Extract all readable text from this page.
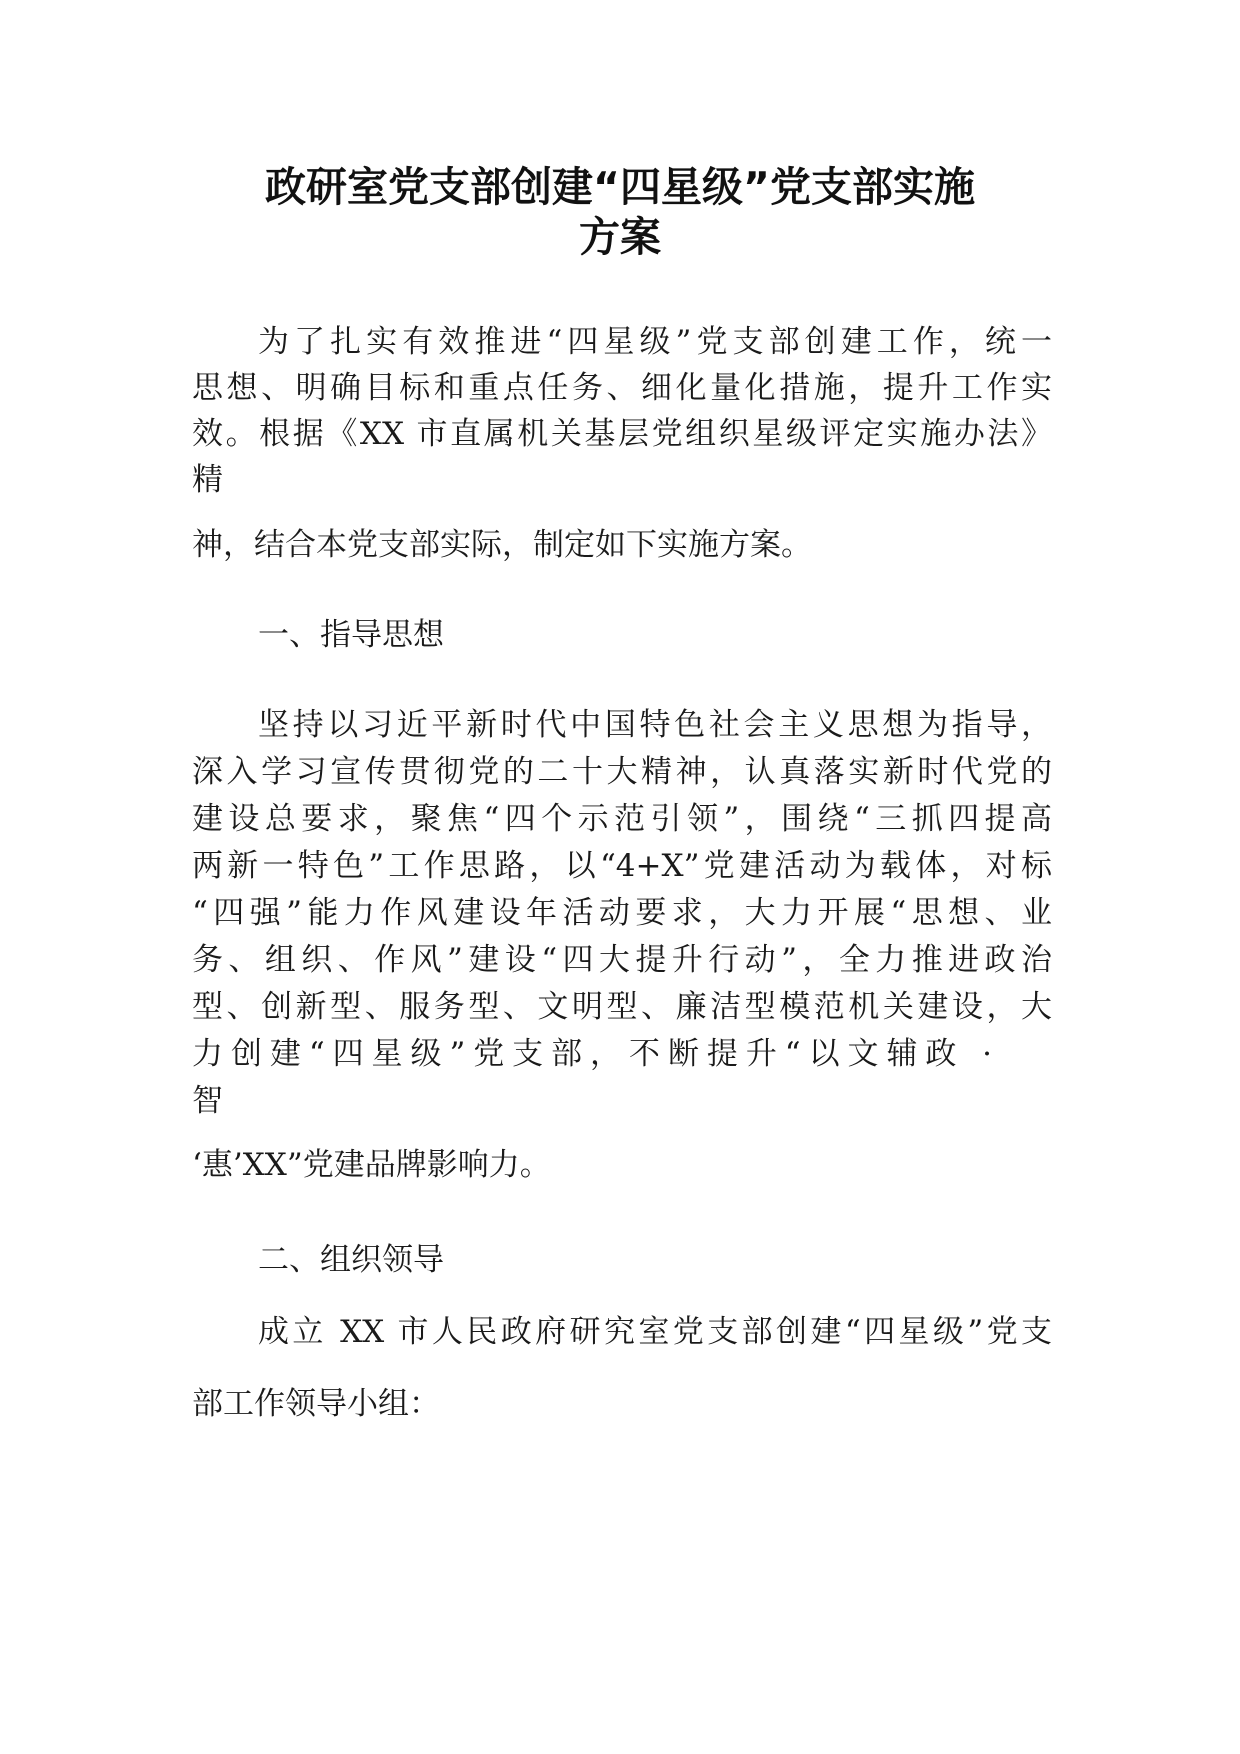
政研室党支部创建“四星级”党支部实施
方案
为了扎实有效推进“四星级”党支部创建工作，统一
思想、明确目标和重点任务、细化量化措施，提升工作实
效。根据《XX 市直属机关基层党组织星级评定实施办法》
精
神，结合本党支部实际，制定如下实施方案。
一、指导思想
坚持以习近平新时代中国特色社会主义思想为指导，
深入学习宣传贯彻党的二十大精神，认真落实新时代党的
建设总要求，聚焦“四个示范引领”，围绕“三抓四提高
两新一特色”工作思路，以“4+X”党建活动为载体，对标
“四强”能力作风建设年活动要求，大力开展“思想、业
务、组织、作风”建设“四大提升行动”，全力推进政治
型、创新型、服务型、文明型、廉洁型模范机关建设，大
力创建“四星级”党支部，不断提升“以文辅政 ·
智
‘惠’XX”党建品牌影响力。
二、组织领导
成立 XX 市人民政府研究室党支部创建“四星级”党支
部工作领导小组：
